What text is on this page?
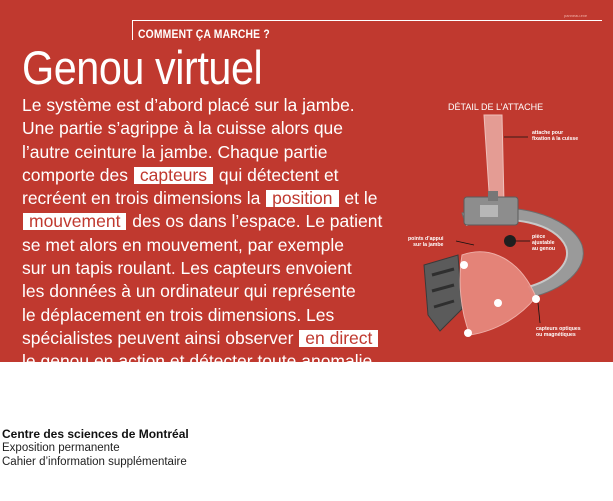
COMMENT ÇA MARCHE ?
panneau.exe
Genou virtuel
Le système est d’abord placé sur la jambe.
Une partie s’agrippe à la cuisse alors que
l’autre ceinture la jambe. Chaque partie
comporte des capteurs qui détectent et
recréent en trois dimensions la position et le
mouvement des os dans l’espace. Le patient
se met alors en mouvement, par exemple
sur un tapis roulant. Les capteurs envoient
les données à un ordinateur qui représente
le déplacement en trois dimensions. Les
spécialistes peuvent ainsi observer en direct
le genou en action et détecter toute anomalie.
DÉTAIL DE L’ATTACHE
attache pour
fixation à la cuisse
points d’appui
sur la jambe
pièce
ajustable
au genou
capteurs optiques
ou magnétiques
Centre des sciences de Montréal
Exposition permanente
Cahier d’information supplémentaire
